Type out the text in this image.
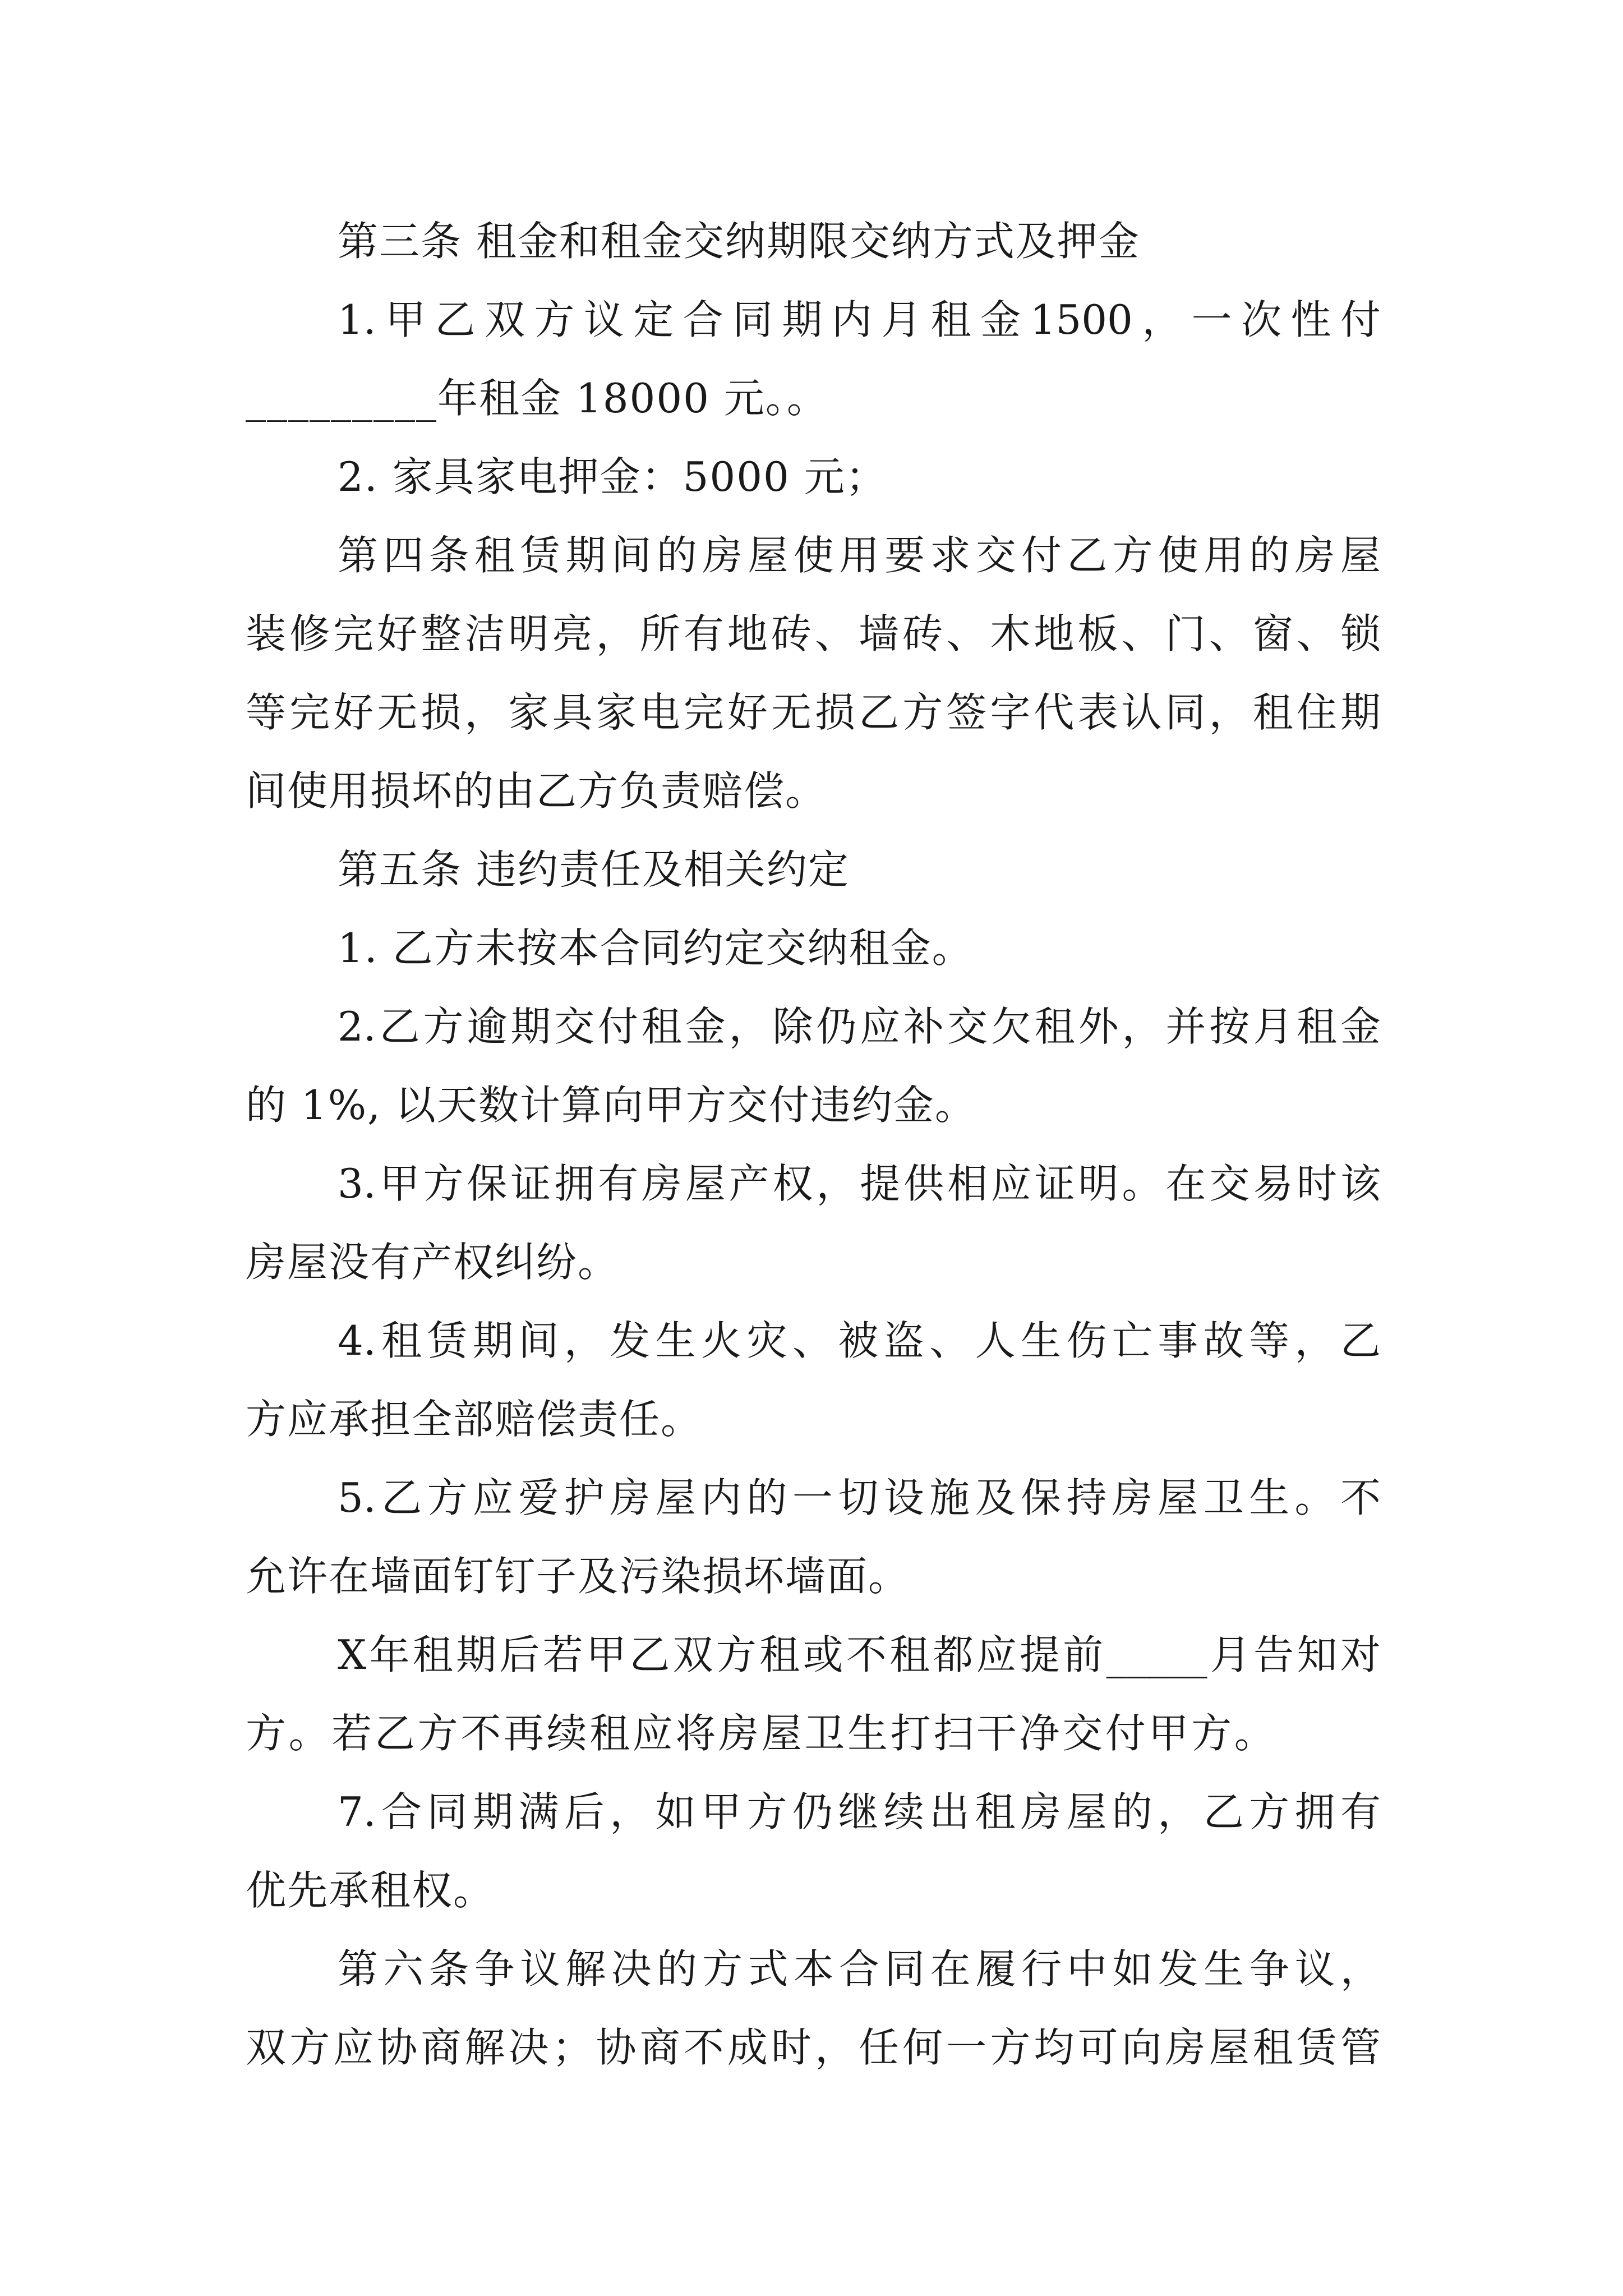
第三条 租金和租金交纳期限交纳方式及押金
1. 甲 乙 双 方 议 定 合 同 期 内 月 租 金 1500 ， 一 次 性 付
_________年租金 18000 元。。
2. 家具家电押金：5000 元；
第 四 条 租 赁 期 间 的 房 屋 使 用 要 求 交 付 乙 方 使 用 的 房 屋
装 修 完 好 整 洁 明 亮 ， 所 有 地 砖 、 墙 砖 、 木 地 板 、 门 、 窗 、 锁
等 完 好 无 损 ， 家 具 家 电 完 好 无 损 乙 方 签 字 代 表 认 同 ， 租 住 期
间使用损坏的由乙方负责赔偿。
第五条 违约责任及相关约定
1. 乙方未按本合同约定交纳租金。
2. 乙 方 逾 期 交 付 租 金 ， 除 仍 应 补 交 欠 租 外 ， 并 按 月 租 金
的 1%, 以天数计算向甲方交付违约金。
3. 甲 方 保 证 拥 有 房 屋 产 权 ， 提 供 相 应 证 明 。 在 交 易 时 该
房屋没有产权纠纷。
4. 租 赁 期 间 ， 发 生 火 灾 、 被 盗 、 人 生 伤 亡 事 故 等 ， 乙
方应承担全部赔偿责任。
5. 乙 方 应 爱 护 房 屋 内 的 一 切 设 施 及 保 持 房 屋 卫 生 。 不
允许在墙面钉钉子及污染损坏墙面。
X 年 租 期 后 若 甲 乙 双 方 租 或 不 租 都 应 提 前 _____ 月 告 知 对
方 。 若 乙 方 不 再 续 租 应 将 房 屋 卫 生 打 扫 干 净 交 付 甲 方 。
7. 合 同 期 满 后 ， 如 甲 方 仍 继 续 出 租 房 屋 的 ， 乙 方 拥 有
优先承租权。
第 六 条 争 议 解 决 的 方 式 本 合 同 在 履 行 中 如 发 生 争 议 ，
双 方 应 协 商 解 决 ； 协 商 不 成 时 ， 任 何 一 方 均 可 向 房 屋 租 赁 管
